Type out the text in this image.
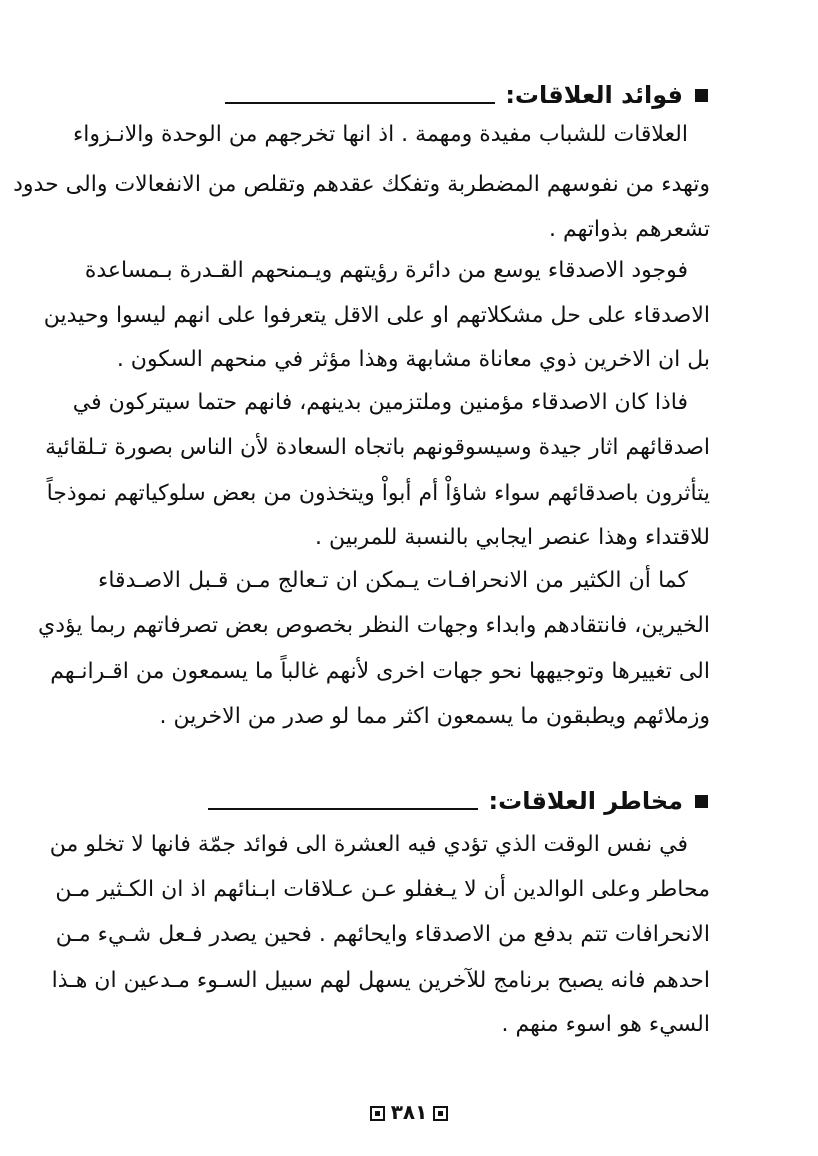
فوائد العلاقات:
العلاقات للشباب مفيدة ومهمة . اذ انها تخرجهم من الوحدة والانـزواء
وتهدء من نفوسهم المضطربة وتفكك عقدهم وتقلص من الانفعالات والى حدود
تشعرهم بذواتهم .
فوجود الاصدقاء يوسع من دائرة رؤيتهم ويـمنحهم القـدرة بـمساعدة
الاصدقاء على حل مشكلاتهم او على الاقل يتعرفوا على انهم ليسوا وحيدين
بل ان الاخرين ذوي معاناة مشابهة وهذا مؤثر في منحهم السكون .
فاذا كان الاصدقاء مؤمنين وملتزمين بدينهم، فانهم حتما سيتركون في
اصدقائهم اثار جيدة وسيسوقونهم باتجاه السعادة لأن الناس بصورة تـلقائية
يتأثرون باصدقائهم سواء شاؤاْ أم أبواْ ويتخذون من بعض سلوكياتهم نموذجاً
للاقتداء وهذا عنصر ايجابي بالنسبة للمربين .
كما أن الكثير من الانحرافـات يـمكن ان تـعالج مـن قـبل الاصـدقاء
الخيرين، فانتقادهم وابداء وجهات النظر بخصوص بعض تصرفاتهم ربما يؤدي
الى تغييرها وتوجيهها نحو جهات اخرى لأنهم غالباً ما يسمعون من اقـرانـهم
وزملائهم ويطبقون ما يسمعون اكثر مما لو صدر من الاخرين .
مخاطر العلاقات:
في نفس الوقت الذي تؤدي فيه العشرة الى فوائد جمّة فانها لا تخلو من
محاطر وعلى الوالدين أن لا يـغفلو عـن عـلاقات ابـنائهم اذ ان الكـثير مـن
الانحرافات تتم بدفع من الاصدقاء وايحائهم . فحين يصدر فـعل شـيء مـن
احدهم فانه يصبح برنامج للآخرين يسهل لهم سبيل السـوء مـدعين ان هـذا
السيء هو اسوء منهم .
٣٨١
